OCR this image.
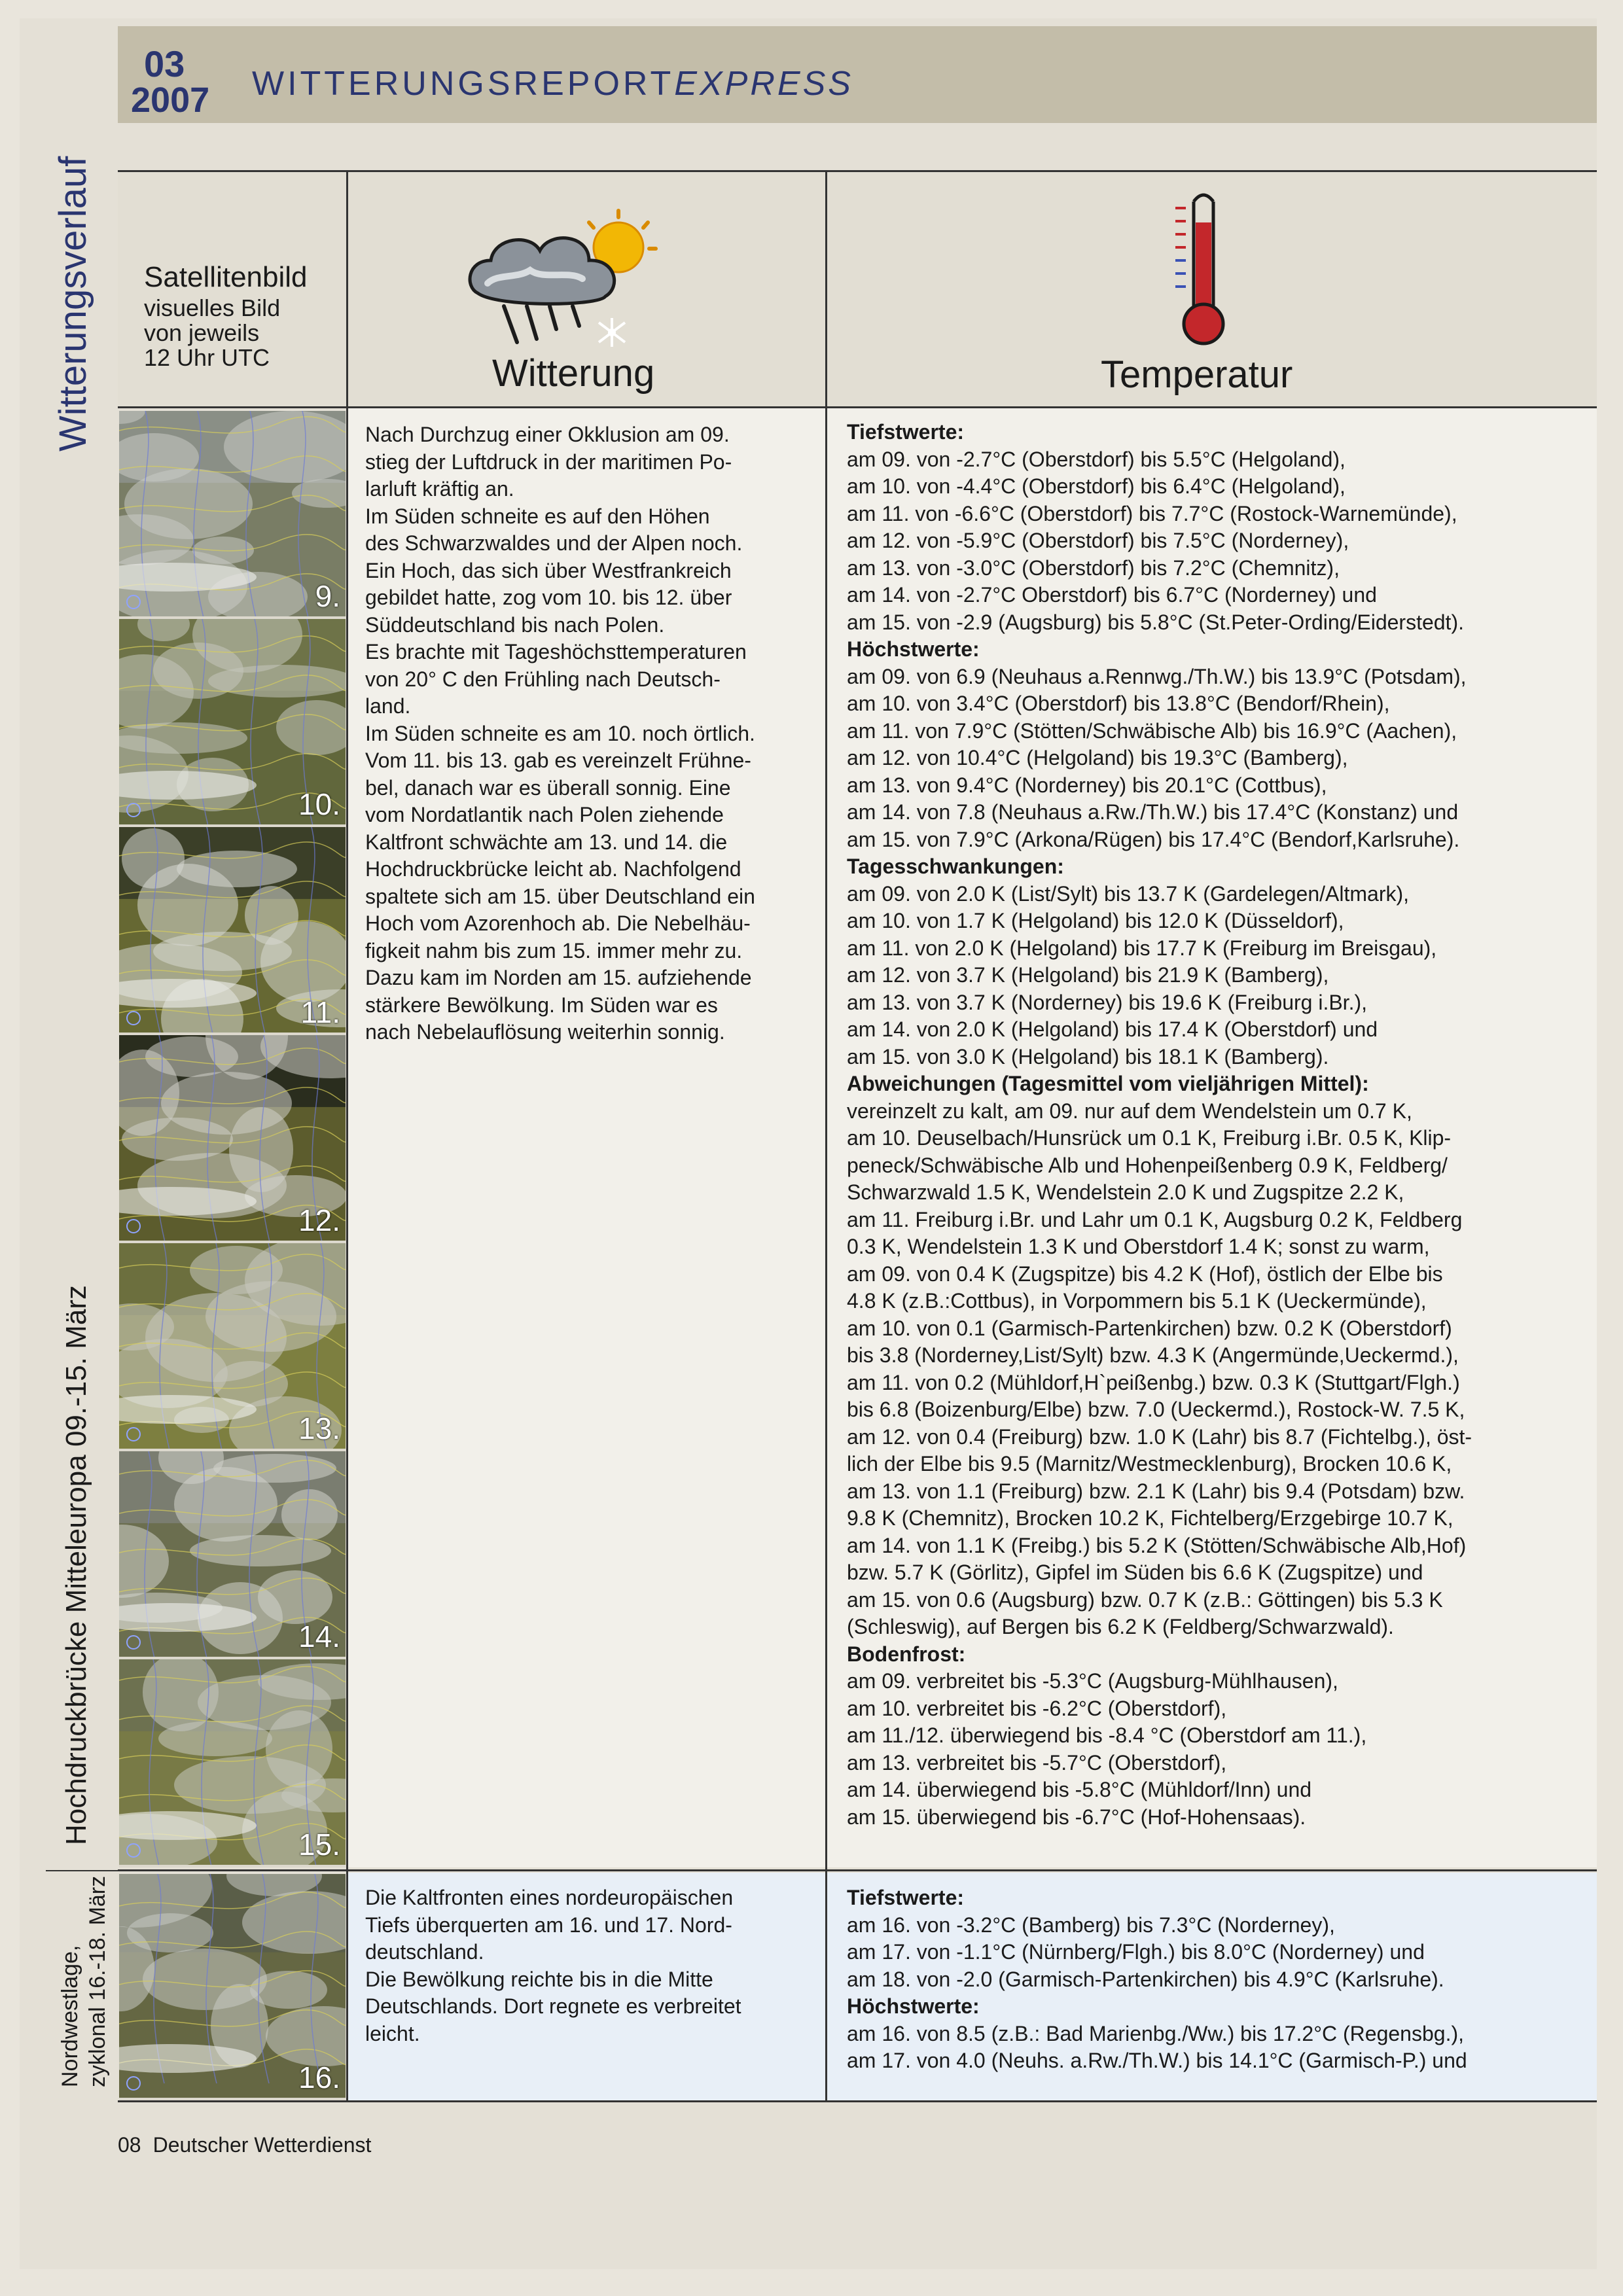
03
2007 WITTERUNGSREPORTEXPRESS
Witterungsverlauf
Hochdruckbrücke Mitteleuropa 09.-15. März
Nordwestlage, zyklonal 16.-18. März
Satellitenbild
visuelles Bild
von jeweils
12 Uhr UTC	Witterung	Temperatur
9.
10.
11.
12.
13.
14.
15.
16.

Nach Durchzug einer Okklusion am 09.

stieg der Luftdruck in der maritimen Po-

larluft kräftig an.

Im Süden schneite es auf den Höhen

des Schwarzwaldes und der Alpen noch.

Ein Hoch, das sich über Westfrankreich

gebildet hatte, zog vom 10. bis 12. über

Süddeutschland bis nach Polen.

Es brachte mit Tageshöchsttemperaturen

von 20° C den Frühling nach Deutsch-

land.

Im Süden schneite es am 10. noch örtlich.

Vom 11. bis 13. gab es vereinzelt Frühne-

bel, danach war es überall sonnig. Eine

vom Nordatlantik nach Polen ziehende

Kaltfront schwächte am 13. und 14. die

Hochdruckbrücke leicht ab. Nachfolgend

spaltete sich am 15. über Deutschland ein

Hoch vom Azorenhoch ab. Die Nebelhäu-

figkeit nahm bis zum 15. immer mehr zu.

Dazu kam im Norden am 15. aufziehende

stärkere Bewölkung. Im Süden war es

nach Nebelauflösung weiterhin sonnig.

Tiefstwerte:
am 09. von -2.7°C (Oberstdorf) bis 5.5°C (Helgoland),
am 10. von -4.4°C (Oberstdorf) bis 6.4°C (Helgoland),
am 11. von -6.6°C (Oberstdorf) bis 7.7°C (Rostock-Warnemünde),
am 12. von -5.9°C (Oberstdorf) bis 7.5°C (Norderney),
am 13. von -3.0°C (Oberstdorf) bis 7.2°C (Chemnitz),
am 14. von -2.7°C Oberstdorf) bis 6.7°C (Norderney) und
am 15. von -2.9 (Augsburg) bis 5.8°C (St.Peter-Ording/Eiderstedt).
Höchstwerte:
am 09. von 6.9 (Neuhaus a.Rennwg./Th.W.) bis 13.9°C (Potsdam),
am 10. von 3.4°C (Oberstdorf) bis 13.8°C (Bendorf/Rhein),
am 11. von 7.9°C (Stötten/Schwäbische Alb) bis 16.9°C (Aachen),
am 12. von 10.4°C (Helgoland) bis 19.3°C (Bamberg),
am 13. von 9.4°C (Norderney) bis 20.1°C (Cottbus),
am 14. von 7.8 (Neuhaus a.Rw./Th.W.) bis 17.4°C (Konstanz) und
am 15. von 7.9°C (Arkona/Rügen) bis 17.4°C (Bendorf,Karlsruhe).
Tagesschwankungen:
am 09. von 2.0 K (List/Sylt) bis 13.7 K (Gardelegen/Altmark),
am 10. von 1.7 K (Helgoland) bis 12.0 K (Düsseldorf),
am 11. von 2.0 K (Helgoland) bis 17.7 K (Freiburg im Breisgau),
am 12. von 3.7 K (Helgoland) bis 21.9 K (Bamberg),
am 13. von 3.7 K (Norderney) bis 19.6 K (Freiburg i.Br.),
am 14. von 2.0 K (Helgoland) bis 17.4 K (Oberstdorf) und
am 15. von 3.0 K (Helgoland) bis 18.1 K (Bamberg).
Abweichungen (Tagesmittel vom vieljährigen Mittel):
vereinzelt zu kalt, am 09. nur auf dem Wendelstein um 0.7 K,
am 10. Deuselbach/Hunsrück um 0.1 K, Freiburg i.Br. 0.5 K, Klip-
peneck/Schwäbische Alb und Hohenpeißenberg 0.9 K, Feldberg/
Schwarzwald 1.5 K, Wendelstein 2.0 K und Zugspitze 2.2 K,
am 11. Freiburg i.Br. und Lahr um 0.1 K, Augsburg 0.2 K, Feldberg
0.3 K, Wendelstein 1.3 K und Oberstdorf 1.4 K; sonst zu warm,
am 09. von 0.4 K (Zugspitze) bis 4.2 K (Hof), östlich der Elbe bis
4.8 K (z.B.:Cottbus), in Vorpommern bis 5.1 K (Ueckermünde),
am 10. von 0.1 (Garmisch-Partenkirchen) bzw. 0.2 K (Oberstdorf)
bis 3.8 (Norderney,List/Sylt) bzw. 4.3 K (Angermünde,Ueckermd.),
am 11. von 0.2 (Mühldorf,H`peißenbg.) bzw. 0.3 K (Stuttgart/Flgh.)
bis 6.8 (Boizenburg/Elbe) bzw. 7.0 (Ueckermd.), Rostock-W. 7.5 K,
am 12. von 0.4 (Freiburg) bzw. 1.0 K (Lahr) bis 8.7 (Fichtelbg.), öst-
lich der Elbe bis 9.5 (Marnitz/Westmecklenburg), Brocken 10.6 K,
am 13. von 1.1 (Freiburg) bzw. 2.1 K (Lahr) bis 9.4 (Potsdam) bzw.
9.8 K (Chemnitz), Brocken 10.2 K, Fichtelberg/Erzgebirge 10.7 K,
am 14. von 1.1 K (Freibg.) bis 5.2 K (Stötten/Schwäbische Alb,Hof)
bzw. 5.7 K (Görlitz), Gipfel im Süden bis 6.6 K (Zugspitze) und
am 15. von 0.6 (Augsburg) bzw. 0.7 K (z.B.: Göttingen) bis 5.3 K
(Schleswig), auf Bergen bis 6.2 K (Feldberg/Schwarzwald).
Bodenfrost:
am 09. verbreitet bis -5.3°C (Augsburg-Mühlhausen),
am 10. verbreitet bis -6.2°C (Oberstdorf),
am 11./12. überwiegend bis -8.4 °C (Oberstdorf am 11.),
am 13. verbreitet bis -5.7°C (Oberstdorf),
am 14. überwiegend bis -5.8°C (Mühldorf/Inn) und
am 15. überwiegend bis -6.7°C (Hof-Hohensaas).

Die Kaltfronten eines nordeuropäischen

Tiefs überquerten am 16. und 17. Nord-

deutschland.

Die Bewölkung reichte bis in die Mitte

Deutschlands. Dort regnete es verbreitet

leicht.

Tiefstwerte:
am 16. von -3.2°C (Bamberg) bis 7.3°C (Norderney),
am 17. von -1.1°C (Nürnberg/Flgh.) bis 8.0°C (Norderney) und
am 18. von -2.0 (Garmisch-Partenkirchen) bis 4.9°C (Karlsruhe).
Höchstwerte:
am 16. von 8.5 (z.B.: Bad Marienbg./Ww.) bis 17.2°C (Regensbg.),
am 17. von 4.0 (Neuhs. a.Rw./Th.W.) bis 14.1°C (Garmisch-P.) und
08 Deutscher Wetterdienst
